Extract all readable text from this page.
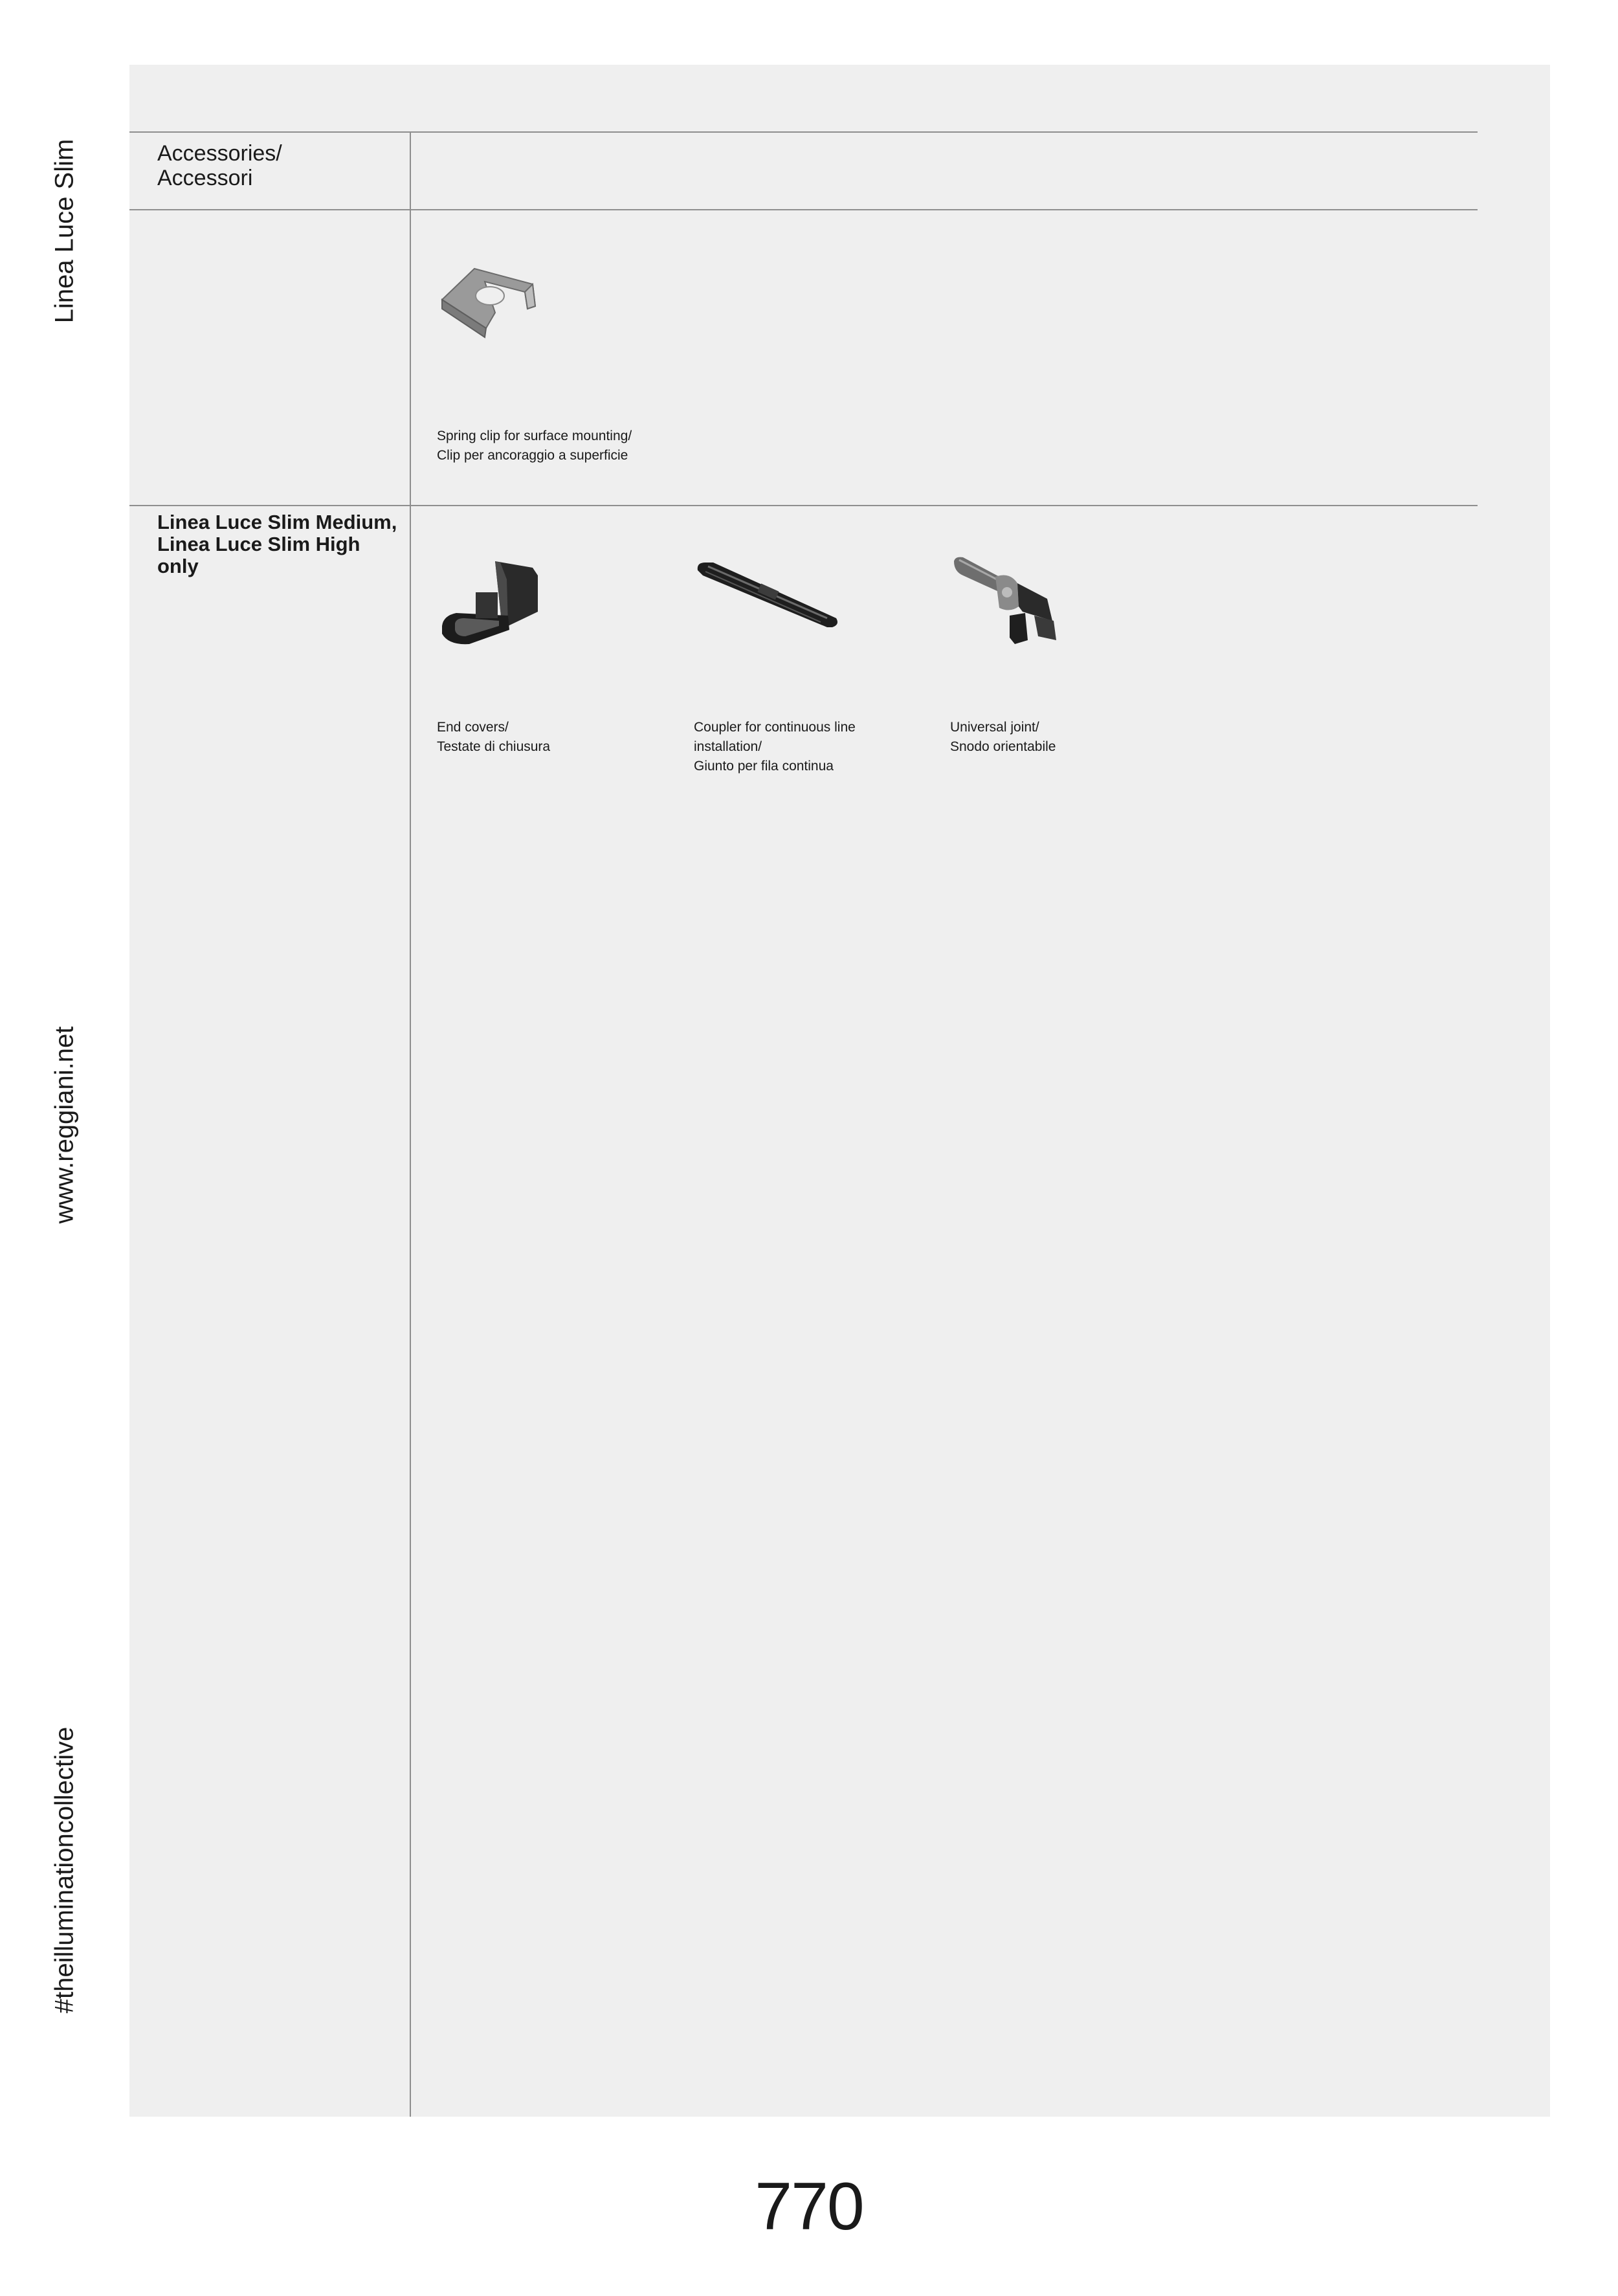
Linea Luce Slim
www.reggiani.net
#theilluminationcollective
Accessories/
Accessori
Spring clip for surface mounting/
Clip per ancoraggio a superficie
Linea Luce Slim Medium,
Linea Luce Slim High
only
End covers/
Testate di chiusura
Coupler for continuous line
installation/
Giunto per fila continua
Universal joint/
Snodo orientabile
770
